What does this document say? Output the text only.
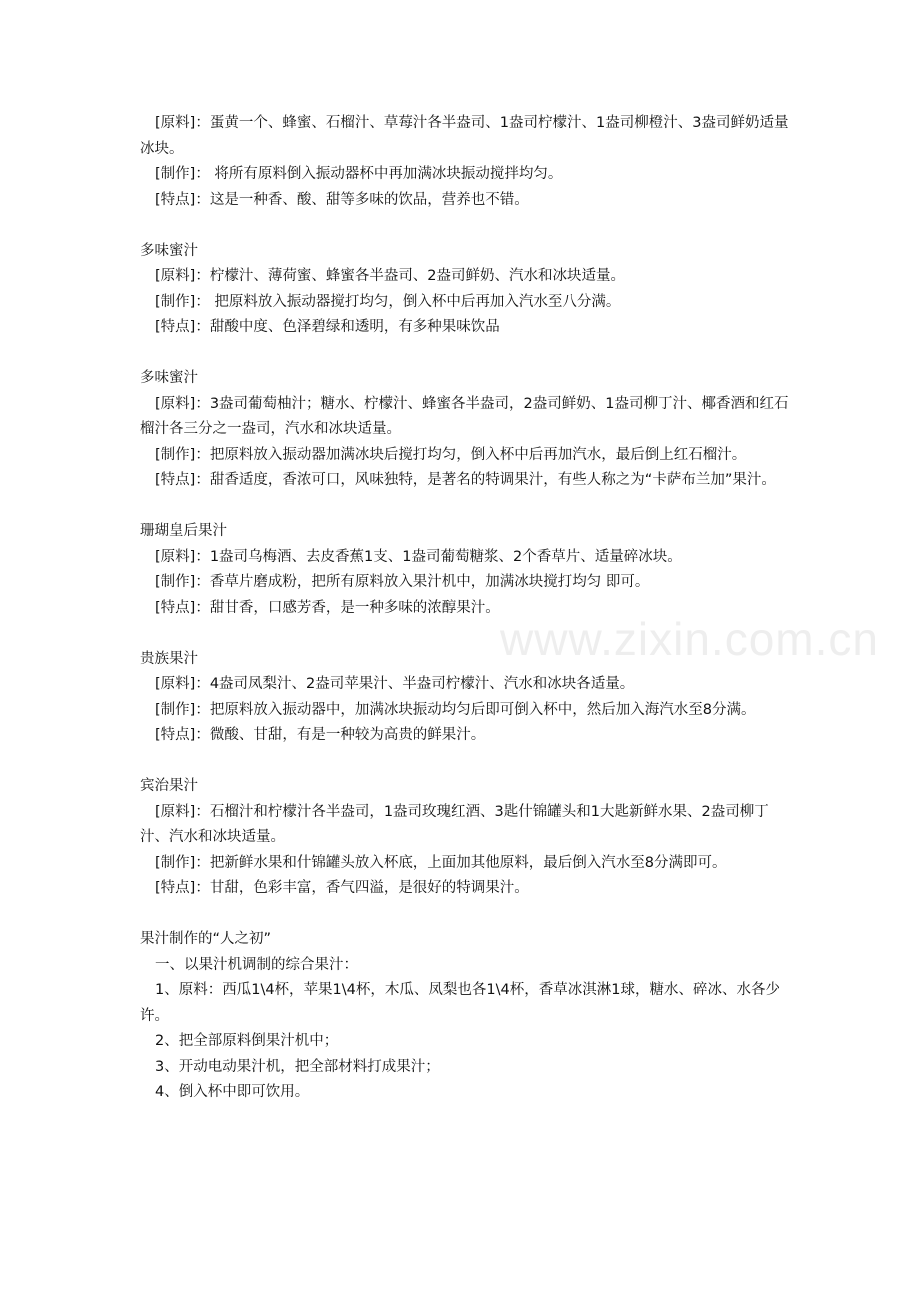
www.zixin.com.cn
[原料]：蛋黄一个、蜂蜜、石榴汁、草莓汁各半盎司、1盎司柠檬汁、1盎司柳橙汁、3盎司鲜奶适量冰块。
[制作]： 将所有原料倒入振动器杯中再加满冰块振动搅拌均匀。
[特点]：这是一种香、酸、甜等多味的饮品，营养也不错。
多味蜜汁
[原料]：柠檬汁、薄荷蜜、蜂蜜各半盎司、2盎司鲜奶、汽水和冰块适量。
[制作]： 把原料放入振动器搅打均匀，倒入杯中后再加入汽水至八分满。
[特点]：甜酸中度、色泽碧绿和透明，有多种果味饮品
多味蜜汁
[原料]：3盎司葡萄柚汁；糖水、柠檬汁、蜂蜜各半盎司，2盎司鲜奶、1盎司柳丁汁、椰香酒和红石榴汁各三分之一盎司，汽水和冰块适量。
[制作]：把原料放入振动器加满冰块后搅打均匀，倒入杯中后再加汽水，最后倒上红石榴汁。
[特点]：甜香适度，香浓可口，风味独特，是著名的特调果汁，有些人称之为“卡萨布兰加”果汁。
珊瑚皇后果汁
[原料]：1盎司乌梅酒、去皮香蕉1支、1盎司葡萄糖浆、2个香草片、适量碎冰块。
[制作]：香草片磨成粉，把所有原料放入果汁机中，加满冰块搅打均匀 即可。
[特点]：甜甘香，口感芳香，是一种多味的浓醇果汁。
贵族果汁
[原料]：4盎司凤梨汁、2盎司苹果汁、半盎司柠檬汁、汽水和冰块各适量。
[制作]：把原料放入振动器中，加满冰块振动均匀后即可倒入杯中，然后加入海汽水至8分满。
[特点]：微酸、甘甜，有是一种较为高贵的鲜果汁。
宾治果汁
[原料]：石榴汁和柠檬汁各半盎司，1盎司玫瑰红酒、3匙什锦罐头和1大匙新鲜水果、2盎司柳丁汁、汽水和冰块适量。
[制作]：把新鲜水果和什锦罐头放入杯底，上面加其他原料，最后倒入汽水至8分满即可。
[特点]：甘甜，色彩丰富，香气四溢，是很好的特调果汁。
果汁制作的“人之初”
一、以果汁机调制的综合果汁：
1、原料：西瓜1\4杯，苹果1\4杯，木瓜、凤梨也各1\4杯，香草冰淇淋1球，糖水、碎冰、水各少许。
2、把全部原料倒果汁机中；
3、开动电动果汁机，把全部材料打成果汁；
4、倒入杯中即可饮用。
